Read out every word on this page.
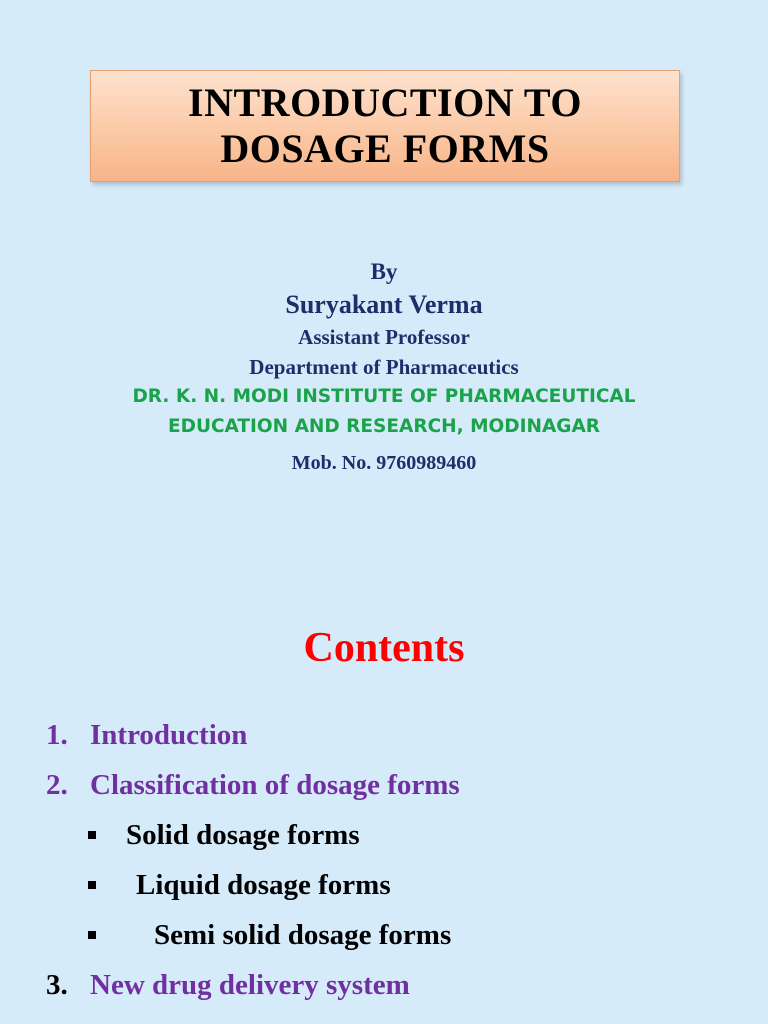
INTRODUCTION TO
DOSAGE FORMS
By
Suryakant Verma
Assistant Professor
Department of Pharmaceutics
DR. K. N. MODI INSTITUTE OF PHARMACEUTICAL
EDUCATION AND RESEARCH, MODINAGAR
Mob. No. 9760989460
Contents
1. Introduction
2. Classification of dosage forms
Solid dosage forms
Liquid dosage forms
Semi solid dosage forms
3. New drug delivery system
